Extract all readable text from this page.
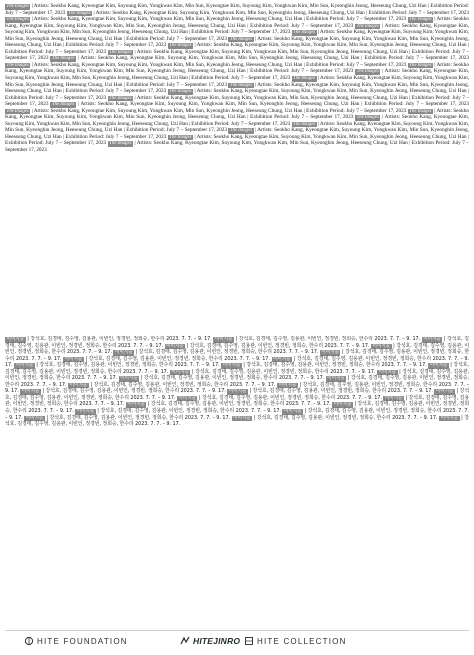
The Images | Artists: Seokho Kang, Kyeongtae Kim, Suyoung Kim, Yongkwan Kim, Min Sun, Kyeongtae Kim, Suyoung Kim, Yongkwan Kim, Min Sun, Kyeonghin Jeong, Heeseung Chung, Uzi Han | Exhibition Period: July 7 – September 17, 2023 The Images | Artists: Seokho Kang, Kyeongtae Kim, Suyoung Kim, Yongkwan Kim, Min Sun, Kyeonghin Jeong, Heeseung Chung, Uzi Han | Exhibition Period: July 7 – September 17, 2023 The Images | Artists: Seokho Kang, Kyeongtae Kim, Suyoung Kim, Yongkwan Kim, Min Sun, Kyeonghin Jeong, Heeseung Chung, Uzi Han | Exhibition Period: July 7 – September 17, 2023 The Images | Artists: Seokho Kang, Kyeongtae Kim, Suyoung Kim, Yongkwan Kim, Min Sun, Kyeonghin Jeong, Heeseung Chung, Uzi Han | Exhibition Period: July 7 – September 17, 2023 The Images | Artists: Seokho Kang, Kyeongtae Kim, Suyoung Kim, Yongkwan Kim, Min Sun, Kyeonghin Jeong, Heeseung Chung, Uzi Han | Exhibition Period: July 7 – September 17, 2023 The Images | Artists: Seokho Kang, Kyeongtae Kim, Suyoung Kim, Yongkwan Kim, Min Sun, Kyeonghin Jeong, Heeseung Chung, Uzi Han | Exhibition Period: July 7 – September 17, 2023 The Images | Artists: Seokho Kang, Kyeongtae Kim, Suyoung Kim, Yongkwan Kim, Min Sun, Kyeonghin Jeong, Heeseung Chung, Uzi Han | Exhibition Period: July 7 – September 17, 2023 The Images | Artists: Seokho Kang, Kyeongtae Kim, Suyoung Kim, Yongkwan Kim, Min Sun, Kyeonghin Jeong, Heeseung Chung, Uzi Han | Exhibition Period: July 7 – September 17, 2023 The Images | Artists: Seokho Kang, Kyeongtae Kim, Suyoung Kim, Yongkwan Kim, Min Sun, Kyeonghin Jeong, Heeseung Chung, Uzi Han | Exhibition Period: July 7 – September 17, 2023 The Images | Artists: Seokho Kang, Kyeongtae Kim, Suyoung Kim, Yongkwan Kim, Min Sun, Kyeonghin Jeong, Heeseung Chung, Uzi Han | Exhibition Period: July 7 – September 17, 2023 The Images | Artists: Seokho Kang, Kyeongtae Kim, Suyoung Kim, Yongkwan Kim, Min Sun, Kyeonghin Jeong, Heeseung Chung, Uzi Han | Exhibition Period: July 7 – September 17, 2023 The Images | Artists: Seokho Kang, Kyeongtae Kim, Suyoung Kim, Yongkwan Kim, Min Sun, Kyeonghin Jeong, Heeseung Chung, Uzi Han | Exhibition Period: July 7 – September 17, 2023 The Images | Artists: Seokho Kang, Kyeongtae Kim, Suyoung Kim, Yongkwan Kim, Min Sun, Kyeonghin Jeong, Heeseung Chung, Uzi Han | Exhibition Period: July 7 – September 17, 2023 The Images | Artists: Seokho Kang, Kyeongtae Kim, Suyoung Kim, Yongkwan Kim, Min Sun, Kyeonghin Jeong, Heeseung Chung, Uzi Han | Exhibition Period: July 7 – September 17, 2023 The Images | Artists: Seokho Kang, Kyeongtae Kim, Suyoung Kim, Yongkwan Kim, Min Sun, Kyeonghin Jeong, Heeseung Chung, Uzi Han | Exhibition Period: July 7 – September 17, 2023 The Images | Artists: Seokho Kang, Kyeongtae Kim, Suyoung Kim, Yongkwan Kim, Min Sun, Kyeonghin Jeong, Heeseung Chung, Uzi Han | Exhibition Period: July 7 – September 17, 2023 The Images | Artists: Seokho Kang, Kyeongtae Kim, Suyoung Kim, Yongkwan Kim, Min Sun, Kyeonghin Jeong, Heeseung Chung, Uzi Han | Exhibition Period: July 7 – September 17, 2023 The Images | Artists: Seokho Kang, Kyeongtae Kim, Suyoung Kim, Yongkwan Kim, Min Sun, Kyeonghin Jeong, Heeseung Chung, Uzi Han | Exhibition Period: July 7 – September 17, 2023 The Images | Artists: Seokho Kang, Kyeongtae Kim, Suyoung Kim, Yongkwan Kim, Min Sun, Kyeonghin Jeong, Heeseung Chung, Uzi Han | Exhibition Period: July 7 – September 17, 2023 The Images | Artists: Seokho Kang, Kyeongtae Kim, Suyoung Kim, Yongkwan Kim, Min Sun, Kyeonghin Jeong, Heeseung Chung, Uzi Han | Exhibition Period: July 7 – September 17, 2023 The Images | Artists: Seokho Kang, Kyeongtae Kim, Suyoung Kim, Yongkwan Kim, Min Sun, Kyeonghin Jeong, Heeseung Chung, Uzi Han | Exhibition Period: July 7 – September 17, 2023 The Images | Artists: Seokho Kang, Kyeongtae Kim, Suyoung Kim, Yongkwan Kim, Min Sun, Kyeonghin Jeong, Heeseung Chung, Uzi Han | Exhibition Period: July 7 – September 17, 2023 The Images | Artists: Seokho Kang, Kyeongtae Kim, Suyoung Kim, Yongkwan Kim, Min Sun, Kyeonghin Jeong, Heeseung Chung, Uzi Han | Exhibition Period: July 7 – September 17, 2023 The Images | Artists: Seokho Kang, Kyeongtae Kim, Suyoung Kim, Yongkwan Kim, Min Sun, Kyeonghin Jeong, Heeseung Chung, Uzi Han | Exhibition Period: July 7 – September 17, 2023 The Images | Artists: Seokho Kang, Kyeongtae Kim, Suyoung Kim, Yongkwan Kim, Min Sun, Kyeonghin Jeong, Heeseung Chung, Uzi Han | Exhibition Period: July 7 – September 17, 2023
이미지들 | 강석호, 김경태, 김수영, 김용관, 이빈인, 정경빈, 정희승, 한수리 2023. 7. 7. – 9. 17. 이미지들 | 강석호, 김경태, 김수영, 김용관, 이빈인, 정경빈, 정희승, 한수리 2023. 7. 7. – 9. 17. 이미지들 | 강석호, 김경태, 김수영, 김용관, 이빈인, 정경빈, 정희승, 한수리 2023. 7. 7. – 9. 17. 이미지들 | 강석호, 김경태, 김수영, 김용관, 이빈인, 정경빈, 정희승, 한수리 2023. 7. 7. – 9. 17. 이미지들 | 강석호, 김경태, 김수영, 김용관, 이빈인, 정경빈, 정희승, 한수리 2023. 7. 7. – 9. 17. 이미지들 | 강석호, 김경태, 김수영, 김용관, 이빈인, 정경빈, 정희승, 한수리 2023. 7. 7. – 9. 17. 이미지들 | 강석호, 김경태, 김수영, 김용관, 이빈인, 정경빈, 정희승, 한수리 2023. 7. 7. – 9. 17. 이미지들 | 강석호, 김경태, 김수영, 김용관, 이빈인, 정경빈, 정희승, 한수리 2023. 7. 7. – 9. 17. 이미지들 | 강석호, 김경태, 김수영, 김용관, 이빈인, 정경빈, 정희승, 한수리 2023. 7. 7. – 9. 17. 이미지들 | 강석호, 김경태, 김수영, 김용관, 이빈인, 정경빈, 정희승, 한수리 2023. 7. 7. – 9. 17. 이미지들 | 강석호, 김경태, 김수영, 김용관, 이빈인, 정경빈, 정희승, 한수리 2023. 7. 7. – 9. 17. 이미지들 | 강석호, 김경태, 김수영, 김용관, 이빈인, 정경빈, 정희승, 한수리 2023. 7. 7. – 9. 17. 이미지들 | 강석호, 김경태, 김수영, 김용관, 이빈인, 정경빈, 정희승, 한수리 2023. 7. 7. – 9. 17. 이미지들 | 강석호, 김경태, 김수영, 김용관, 이빈인, 정경빈, 정희승, 한수리 2023. 7. 7. – 9. 17. 이미지들 | 강석호, 김경태, 김수영, 김용관, 이빈인, 정경빈, 정희승, 한수리 2023. 7. 7. – 9. 17. 이미지들 | 강석호, 김경태, 김수영, 김용관, 이빈인, 정경빈, 정희승, 한수리 2023. 7. 7. – 9. 17. 이미지들 | 강석호, 김경태, 김수영, 김용관, 이빈인, 정경빈, 정희승, 한수리 2023. 7. 7. – 9. 17. 이미지들 | 강석호, 김경태, 김수영, 김용관, 이빈인, 정경빈, 정희승, 한수리 2023. 7. 7. – 9. 17. 이미지들 | 강석호, 김경태, 김수영, 김용관, 이빈인, 정경빈, 정희승, 한수리 2023. 7. 7. – 9. 17. 이미지들 | 강석호, 김경태, 김수영, 김용관, 이빈인, 정경빈, 정희승, 한수리 2023. 7. 7. – 9. 17. 이미지들 | 강석호, 김경태, 김수영, 김용관, 이빈인, 정경빈, 정희승, 한수리 2023. 7. 7. – 9. 17. 이미지들 | 강석호, 김경태, 김수영, 김용관, 이빈인, 정경빈, 정희승, 한수리 2023. 7. 7. – 9. 17. 이미지들 | 강석호, 김경태, 김수영, 김용관, 이빈인, 정경빈, 정희승, 한수리 2023. 7. 7. – 9. 17. 이미지들 | 강석호, 김경태, 김수영, 김용관, 이빈인, 정경빈, 정희승, 한수리 2023. 7. 7. – 9. 17. 이미지들 | 강석호, 김경태, 김수영, 김용관, 이빈인, 정경빈, 정희승, 한수리 2023. 7. 7. – 9. 17. 이미지들 | 강석호, 김경태, 김수영, 김용관, 이빈인, 정경빈, 정희승, 한수리 2023. 7. 7. – 9. 17. 이미지들 | 강석호, 김경태, 김수영, 김용관, 이빈인, 정경빈, 정희승, 한수리 2023. 7. 7. – 9. 17. 이미지들 | 강석호, 김경태, 김수영, 김용관, 이빈인, 정경빈, 정희승, 한수리 2023. 7. 7. – 9. 17. 이미지들 | 강석호, 김경태, 김수영, 김용관, 이빈인, 정경빈, 정희승, 한수리 2023. 7. 7. – 9. 17. 이미지들 | 강석호, 김경태, 김수영, 김용관, 이빈인, 정경빈, 정희승, 한수리 2023. 7. 7. – 9. 17.
HITE FOUNDATION	HITEJINRO HITE COLLECTION
